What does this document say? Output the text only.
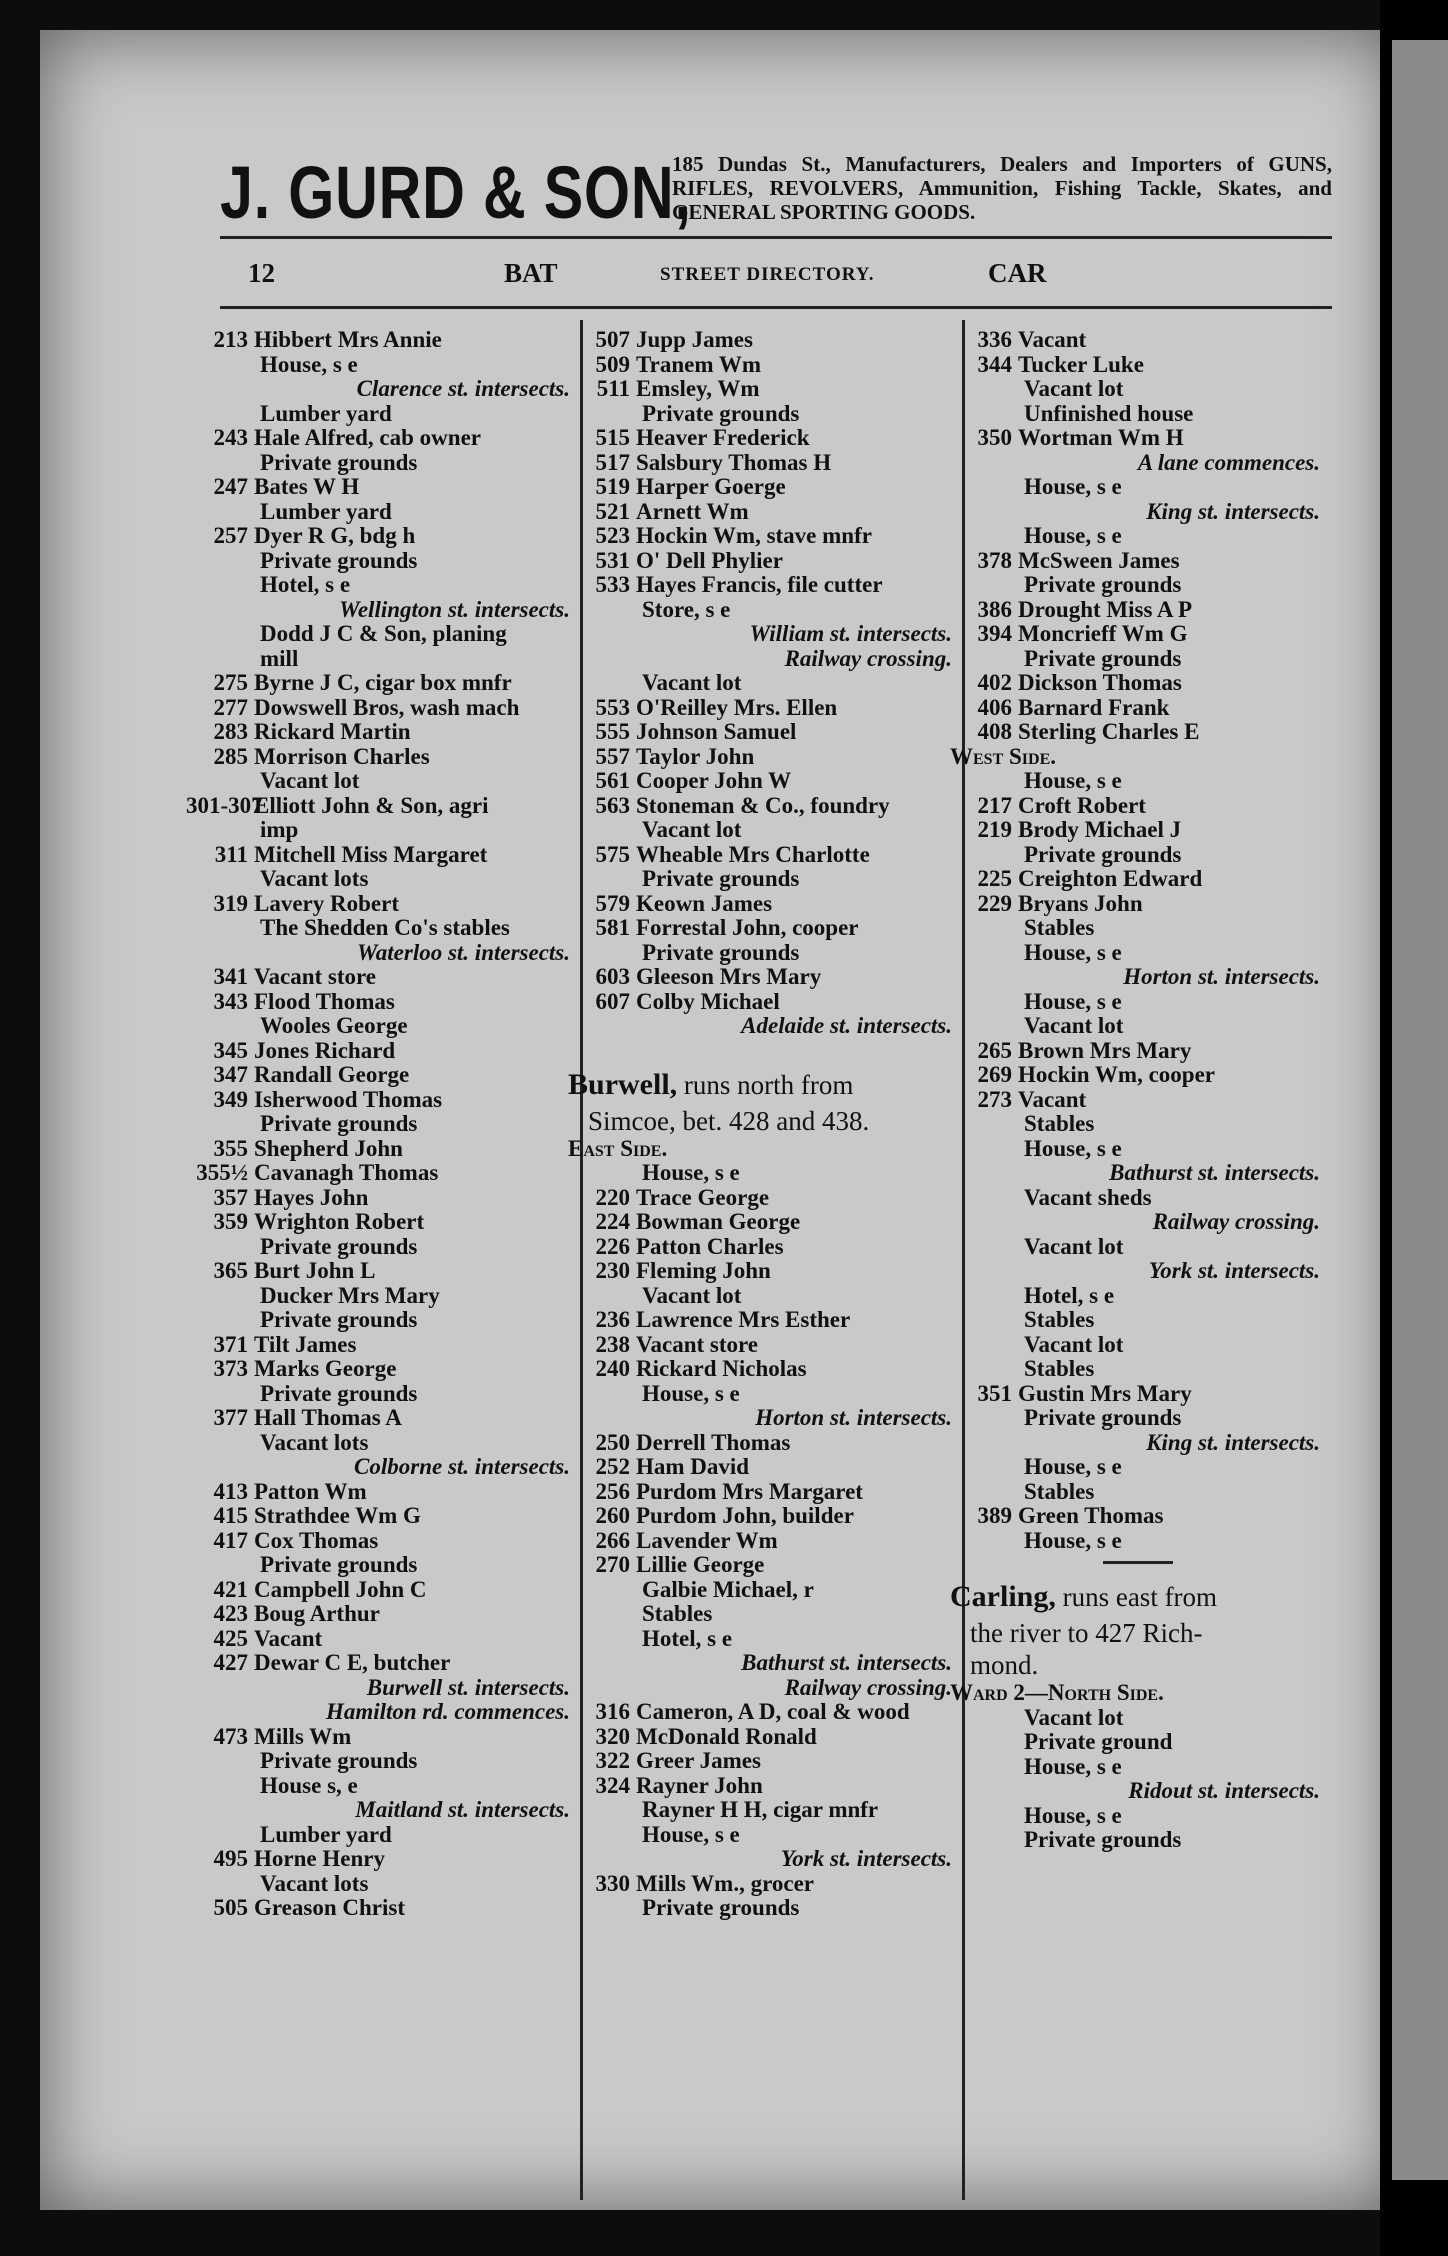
J. GURD & SON,
185 Dundas St., Manufacturers, Dealers and Importers of GUNS, RIFLES, REVOLVERS, Ammunition, Fishing Tackle, Skates, and GENERAL SPORTING GOODS.
12	BAT	STREET DIRECTORY.	CAR
213 Hibbert Mrs Annie
House, s e
Clarence st. intersects.
Lumber yard
243 Hale Alfred, cab owner
Private grounds
247 Bates W H
Lumber yard
257 Dyer R G, bdg h
Private grounds
Hotel, s e
Wellington st. intersects.
Dodd J C & Son, planing
mill
275 Byrne J C, cigar box mnfr
277 Dowswell Bros, wash mach
283 Rickard Martin
285 Morrison Charles
Vacant lot
301-307Elliott John & Son, agri
imp
311 Mitchell Miss Margaret
Vacant lots
319 Lavery Robert
The Shedden Co's stables
Waterloo st. intersects.
341 Vacant store
343 Flood Thomas
Wooles George
345 Jones Richard
347 Randall George
349 Isherwood Thomas
Private grounds
355 Shepherd John
355½ Cavanagh Thomas
357 Hayes John
359 Wrighton Robert
Private grounds
365 Burt John L
Ducker Mrs Mary
Private grounds
371 Tilt James
373 Marks George
Private grounds
377 Hall Thomas A
Vacant lots
Colborne st. intersects.
413 Patton Wm
415 Strathdee Wm G
417 Cox Thomas
Private grounds
421 Campbell John C
423 Boug Arthur
425 Vacant
427 Dewar C E, butcher
Burwell st. intersects.
Hamilton rd. commences.
473 Mills Wm
Private grounds
House s, e
Maitland st. intersects.
Lumber yard
495 Horne Henry
Vacant lots
505 Greason Christ
507 Jupp James
509 Tranem Wm
511 Emsley, Wm
Private grounds
515 Heaver Frederick
517 Salsbury Thomas H
519 Harper Goerge
521 Arnett Wm
523 Hockin Wm, stave mnfr
531 O' Dell Phylier
533 Hayes Francis, file cutter
Store, s e
William st. intersects.
Railway crossing.
Vacant lot
553 O'Reilley Mrs. Ellen
555 Johnson Samuel
557 Taylor John
561 Cooper John W
563 Stoneman & Co., foundry
Vacant lot
575 Wheable Mrs Charlotte
Private grounds
579 Keown James
581 Forrestal John, cooper
Private grounds
603 Gleeson Mrs Mary
607 Colby Michael
Adelaide st. intersects.
Burwell, runs north from
Simcoe, bet. 428 and 438.
East Side.
House, s e
220 Trace George
224 Bowman George
226 Patton Charles
230 Fleming John
Vacant lot
236 Lawrence Mrs Esther
238 Vacant store
240 Rickard Nicholas
House, s e
Horton st. intersects.
250 Derrell Thomas
252 Ham David
256 Purdom Mrs Margaret
260 Purdom John, builder
266 Lavender Wm
270 Lillie George
Galbie Michael, r
Stables
Hotel, s e
Bathurst st. intersects.
Railway crossing.
316 Cameron, A D, coal & wood
320 McDonald Ronald
322 Greer James
324 Rayner John
Rayner H H, cigar mnfr
House, s e
York st. intersects.
330 Mills Wm., grocer
Private grounds
336 Vacant
344 Tucker Luke
Vacant lot
Unfinished house
350 Wortman Wm H
A lane commences.
House, s e
King st. intersects.
House, s e
378 McSween James
Private grounds
386 Drought Miss A P
394 Moncrieff Wm G
Private grounds
402 Dickson Thomas
406 Barnard Frank
408 Sterling Charles E
West Side.
House, s e
217 Croft Robert
219 Brody Michael J
Private grounds
225 Creighton Edward
229 Bryans John
Stables
House, s e
Horton st. intersects.
House, s e
Vacant lot
265 Brown Mrs Mary
269 Hockin Wm, cooper
273 Vacant
Stables
House, s e
Bathurst st. intersects.
Vacant sheds
Railway crossing.
Vacant lot
York st. intersects.
Hotel, s e
Stables
Vacant lot
Stables
351 Gustin Mrs Mary
Private grounds
King st. intersects.
House, s e
Stables
389 Green Thomas
House, s e
Carling, runs east from
the river to 427 Rich-
mond.
Ward 2—North Side.
Vacant lot
Private ground
House, s e
Ridout st. intersects.
House, s e
Private grounds
